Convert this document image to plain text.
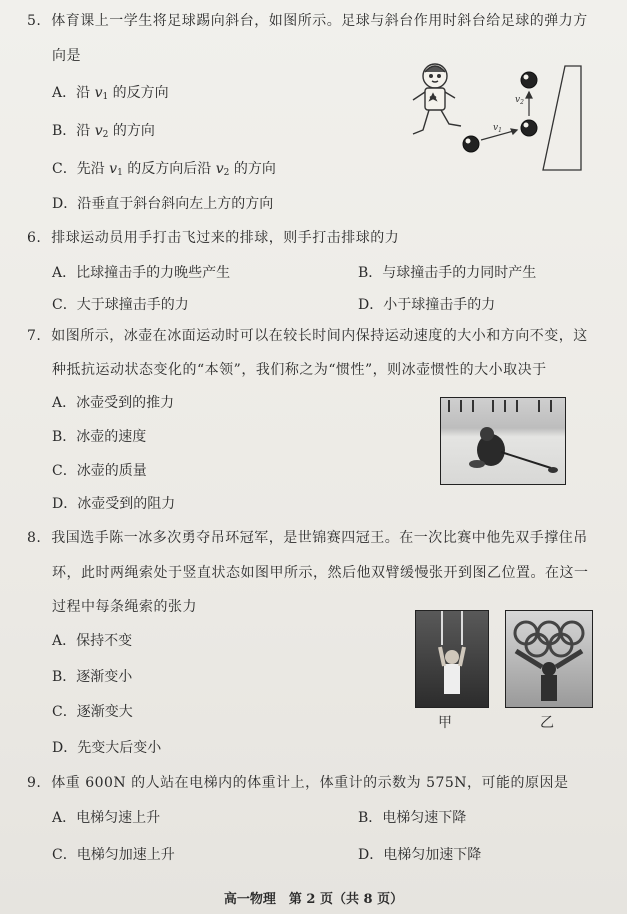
5. 体育课上一学生将足球踢向斜台，如图所示。足球与斜台作用时斜台给足球的弹力方
向是
A．沿 $v_1$ 的反方向
B．沿 $v_2$ 的方向
C．先沿 $v_1$ 的反方向后沿 $v_2$ 的方向
D．沿垂直于斜台斜向左上方的方向
$v_1$
$v_2$
6. 排球运动员用手打击飞过来的排球，则手打击排球的力
A．比球撞击手的力晚些产生	B．与球撞击手的力同时产生
C．大于球撞击手的力	D．小于球撞击手的力
7. 如图所示，冰壶在冰面运动时可以在较长时间内保持运动速度的大小和方向不变，这
种抵抗运动状态变化的“本领”，我们称之为“惯性”，则冰壶惯性的大小取决于
A．冰壶受到的推力
B．冰壶的速度
C．冰壶的质量
D．冰壶受到的阻力
8. 我国选手陈一冰多次勇夺吊环冠军，是世锦赛四冠王。在一次比赛中他先双手撑住吊
环，此时两绳索处于竖直状态如图甲所示，然后他双臂缓慢张开到图乙位置。在这一
过程中每条绳索的张力
A．保持不变
B．逐渐变小
C．逐渐变大
D．先变大后变小
甲	乙
9. 体重 600N 的人站在电梯内的体重计上，体重计的示数为 575N，可能的原因是
A．电梯匀速上升	B．电梯匀速下降
C．电梯匀加速上升	D．电梯匀加速下降
高一物理　第 2 页（共 8 页）
